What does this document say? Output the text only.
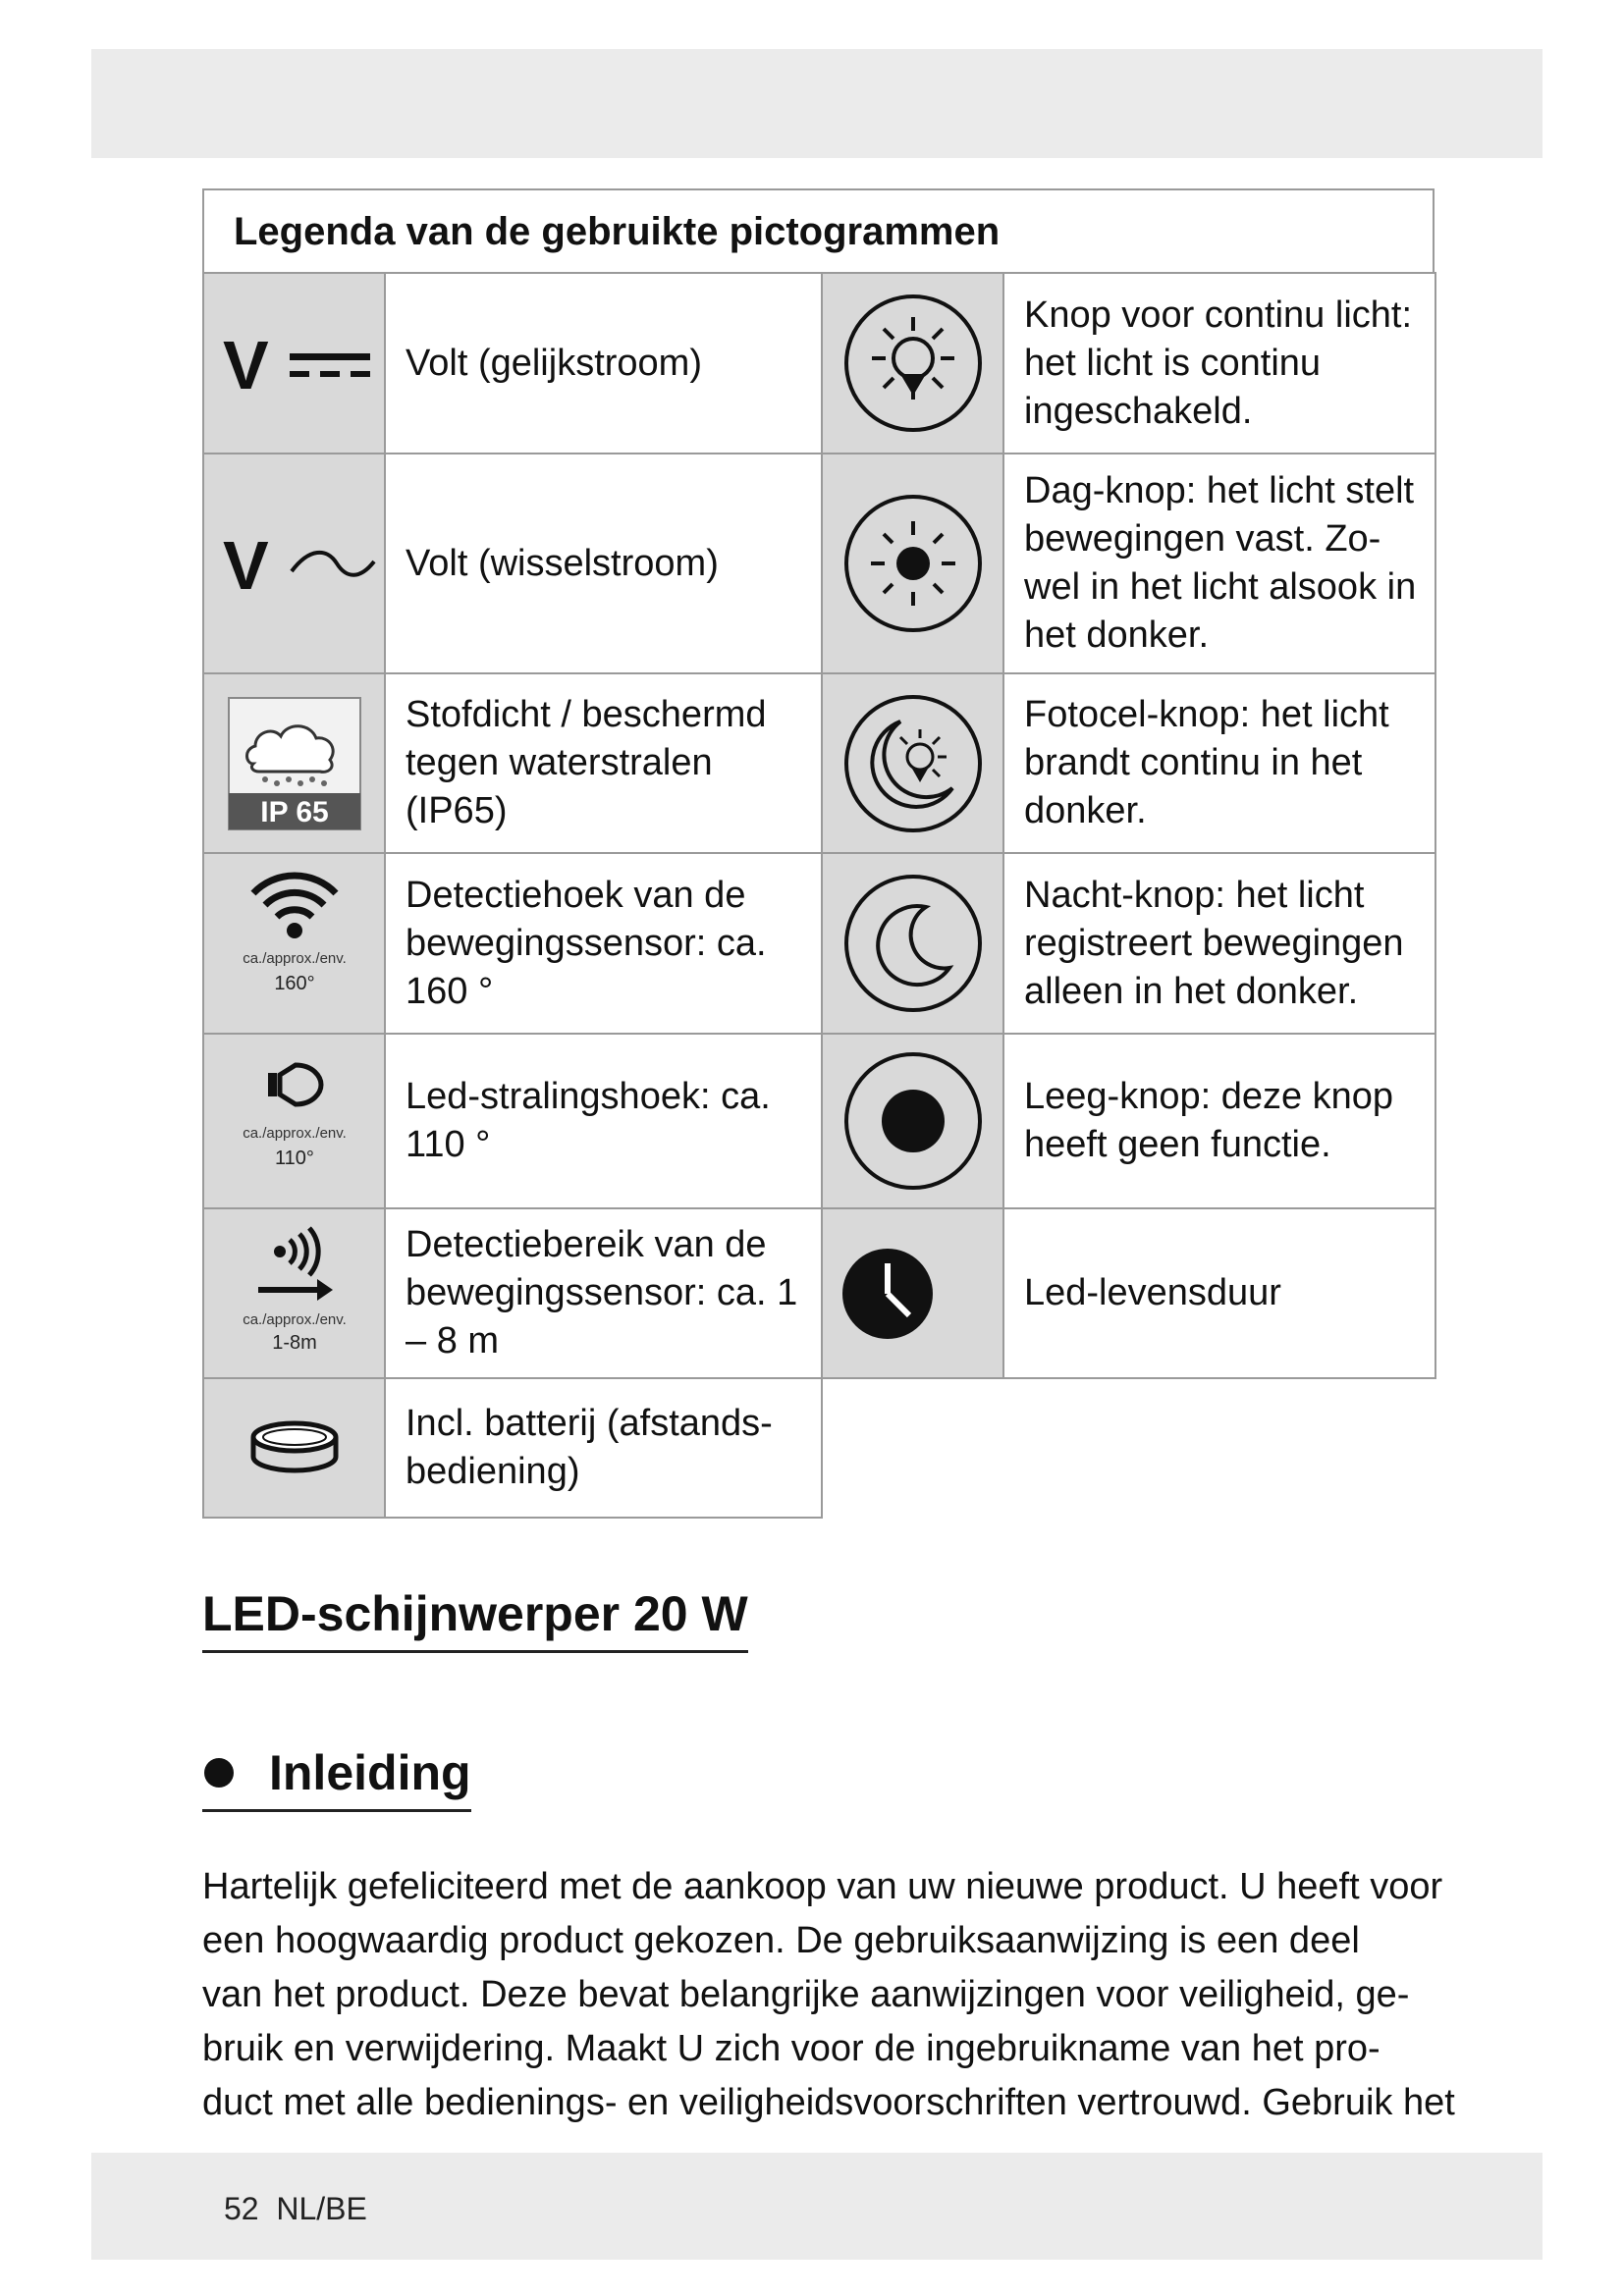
Legenda van de gebruikte pictogrammen
V	Volt (gelijkstroom)		Knop voor continu licht: het licht is continu ingeschakeld.

V	Volt (wisselstroom)		Dag-knop: het licht stelt bewegingen vast. Zo-wel in het licht alsook in het donker.

IP 65	Stofdicht / beschermd tegen waterstralen (IP65)		Fotocel-knop: het licht brandt continu in het donker.

ca./approx./env.
160°	Detectiehoek van de bewegingssensor: ca. 160 °		Nacht-knop: het licht registreert bewegingen alleen in het donker.

ca./approx./env.
110°	Led-stralingshoek: ca. 110 °		Leeg-knop: deze knop heeft geen functie.

ca./approx./env.
1-8m	Detectiebereik van de bewegingssensor: ca. 1 – 8 m		Led-levensduur

	Incl. batterij (afstands-bediening)		
LED-schijnwerper 20 W
Inleiding
Hartelijk gefeliciteerd met de aankoop van uw nieuwe product. U heeft voor
een hoogwaardig product gekozen. De gebruiksaanwijzing is een deel
van het product. Deze bevat belangrijke aanwijzingen voor veiligheid, ge-
bruik en verwijdering. Maakt U zich voor de ingebruikname van het pro-
duct met alle bedienings- en veiligheidsvoorschriften vertrouwd. Gebruik het
52  NL/BE
